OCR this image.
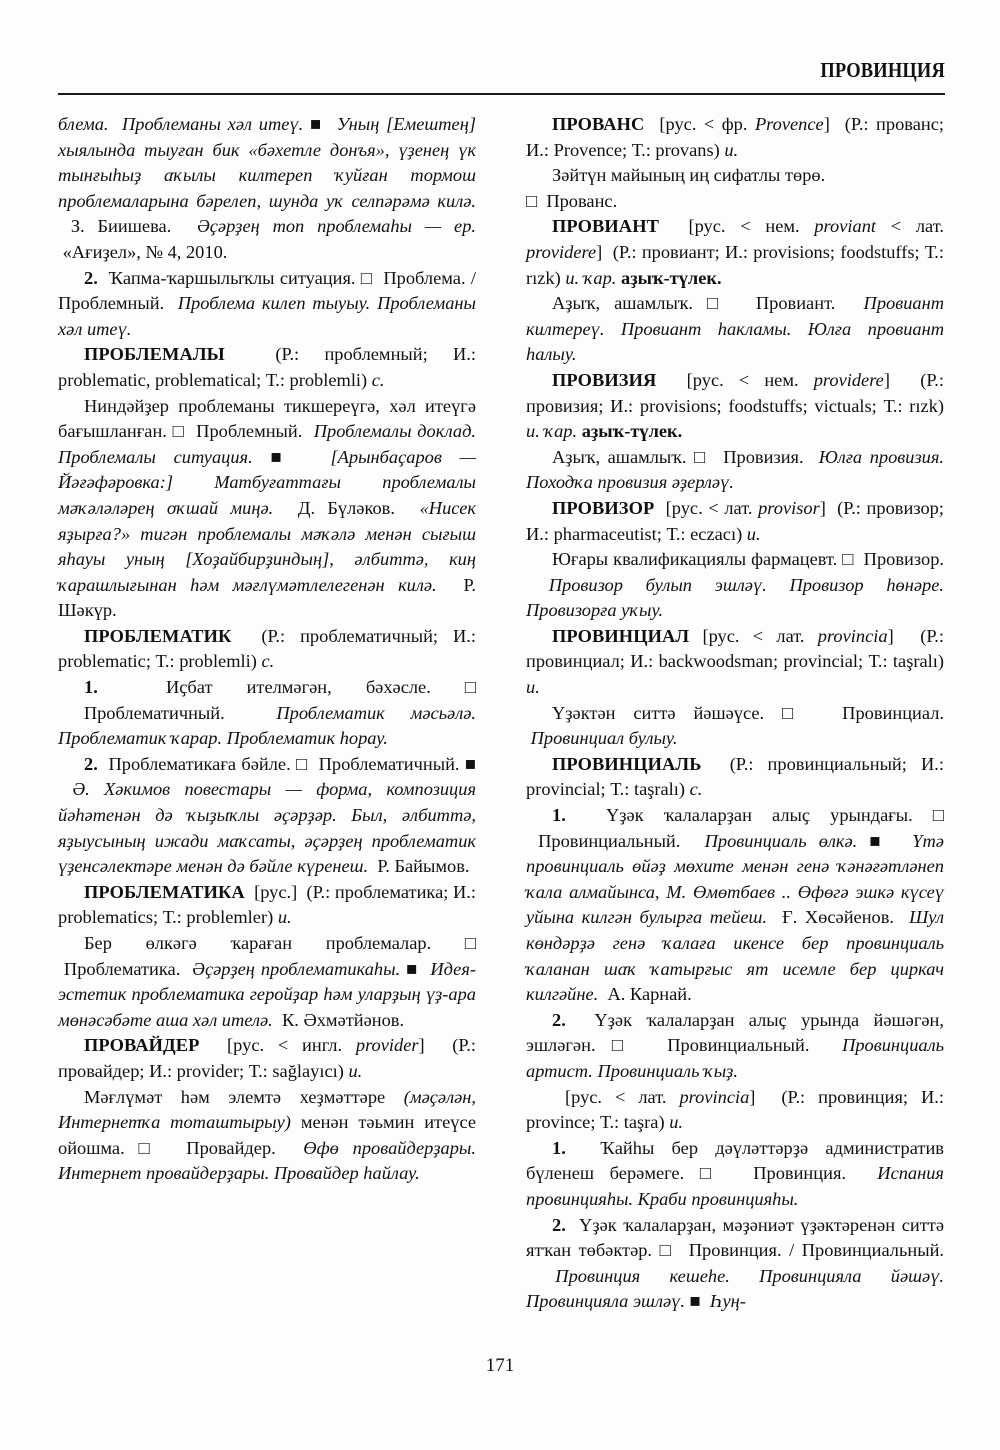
ПРОВИНЦИЯ

блема.  Проблеманы хәл итеү. ■  Уның [Емештең] хыялында тыуған бик «бәхетле донъя», үҙенең үк тынғыһыҙ аҡылы килтереп ҡуйған тормош проблемаларына бәрелеп, шунда уҡ селпәрәмә килә.  З. Биишева.  Әҫәрҙең топ проблемаһы — ер.  «Ағиҙел», № 4, 2010.

2.  Ҡапма-ҡаршылыҡлы ситуация. □  Проблема. / Проблемный.  Проблема килеп тыуыу. Проблеманы хәл итеү.

ПРОБЛЕМАЛЫ	(Р.: проблемный; И.: problematic, problematical; Т.: problemli) с.

Ниндәйҙер проблеманы тикшереүгә, хәл итеүгә бағышланған. □  Проблемный.  Проблемалы доклад. Проблемалы ситуация. ■	[Арынбаҫаров — Йәғәфәровка:] Матбуғаттағы проблемалы мәҡәләләрең оҡшай миңә.  Д. Бүләков.  «Нисек яҙырға?» тигән проблемалы мәҡәлә менән сығыш яһауы уның [Хоҙайбирҙиндың], әлбиттә, киң ҡарашлығынан һәм мәғлүмәтлелегенән килә.  Р. Шәкүр.

ПРОБЛЕМАТИК  (Р.: проблематичный; И.: problematic; Т.: problemli) с.

1.  Иҫбат ителмәгән, бәхәсле. □  Проблематичный.  Проблематик мәсьәлә. Проблематик ҡарар. Проблематик һорау.

2.  Проблематикаға бәйле. □  Проблематичный. ■  Ә. Хәкимов повестары — форма, композиция йәһәтенән дә ҡыҙыҡлы әҫәрҙәр. Был, әлбиттә, яҙыусының ижади маҡсаты, әҫәрҙең проблематик үҙенсәлектәре менән дә бәйле күренеш.  Р. Байымов.

ПРОБЛЕМАТИКА  [рус.]  (Р.: проблематика; И.: problematics; Т.: problemler) и.

Бер өлкәгә ҡараған проблемалар. □  Проблематика.  Әҫәрҙең проблематикаһы. ■  Идея-эстетик проблематика геройҙар һәм уларҙың үҙ-ара мөнәсәбәте аша хәл ителә.  К. Әхмәтйәнов.

ПРОВАЙДЕР  [рус. < ингл. provider]  (Р.: провайдер; И.: provider; Т.: sağlayıcı) и.

Мәғлүмәт һәм элемтә хеҙмәттәре (мәҫәлән, Интернетҡа тоташтырыу) менән тәьмин итеүсе ойошма. □	Провайдер.  Өфө провайдерҙары. Интернет провайдерҙары. Провайдер һайлау.

ПРОВАНС  [рус. < фр. Provence]  (Р.: прованс; И.: Provence; Т.: provans) и.

Зәйтүн майының иң сифатлы төрө.
□  Прованс.

ПРОВИАНТ  [рус. < нем. proviant < лат. providere]  (Р.: провиант; И.: provisions; foodstuffs; Т.: rızk) и. ҡар. аҙыҡ-түлек.

Аҙыҡ, ашамлыҡ. □	Провиант.  Провиант килтереү. Провиант һакламы. Юлға провиант һалыу.

ПРОВИЗИЯ  [рус. < нем. providere]  (Р.: провизия; И.: provisions; foodstuffs; victuals; Т.: rızk) и. ҡар. аҙыҡ-түлек.

Аҙыҡ, ашамлыҡ. □  Провизия.  Юлға провизия. Походҡа провизия әҙерләү.

ПРОВИЗОР  [рус. < лат. provisor]  (Р.: провизор; И.: pharmaceutist; Т.: eczacı) и.

Юғары квалификациялы фармацевт. □  Провизор.  Провизор булып эшләү. Провизор һөнәре. Провизорға уҡыу.

ПРОВИНЦИАЛ [рус. < лат. provincia]  (Р.: провинциал; И.: backwoodsman; provincial; Т.: taşralı) и.

Үҙәктән ситтә йәшәүсе. □	Провинциал.  Провинциал булыу.

ПРОВИНЦИАЛЬ  (Р.: провинциальный; И.: provincial; Т.: taşralı) с.

1.  Үҙәк ҡалаларҙан алыҫ урындағы. □  Провинциальный.  Провинциаль өлкә. ■  Үтә провинциаль өйәҙ мөхите менән генә ҡәнәғәтләнеп ҡала алмайынса, М. Өмөтбаев .. Өфөгә эшкә күсеү уйына килгән булырға тейеш.  Ғ. Хөсәйенов.  Шул көндәрҙә генә ҡалаға икенсе бер провинциаль ҡаланан шаҡ ҡатырғыс ят исемле бер циркач килгәйне.  А. Карнай.

2.  Үҙәк ҡалаларҙан алыҫ урында йәшәгән, эшләгән. □	Провинциальный.  Провинциаль артист. Провинциаль ҡыҙ.

[рус. < лат. provincia]  (Р.: провинция; И.: province; Т.: taşra) и.

1.  Ҡайһы бер дәүләттәрҙә административ бүленеш берәмеге. □	Провинция.  Испания провинцияһы. Краби провинцияһы.

2.  Үҙәк ҡалаларҙан, мәҙәниәт үҙәктәренән ситтә ятҡан төбәктәр. □  Провинция. / Провинциальный.  Провинция кешеһе. Провинцияла йәшәү. Провинцияла эшләү. ■  Һуң-

171
